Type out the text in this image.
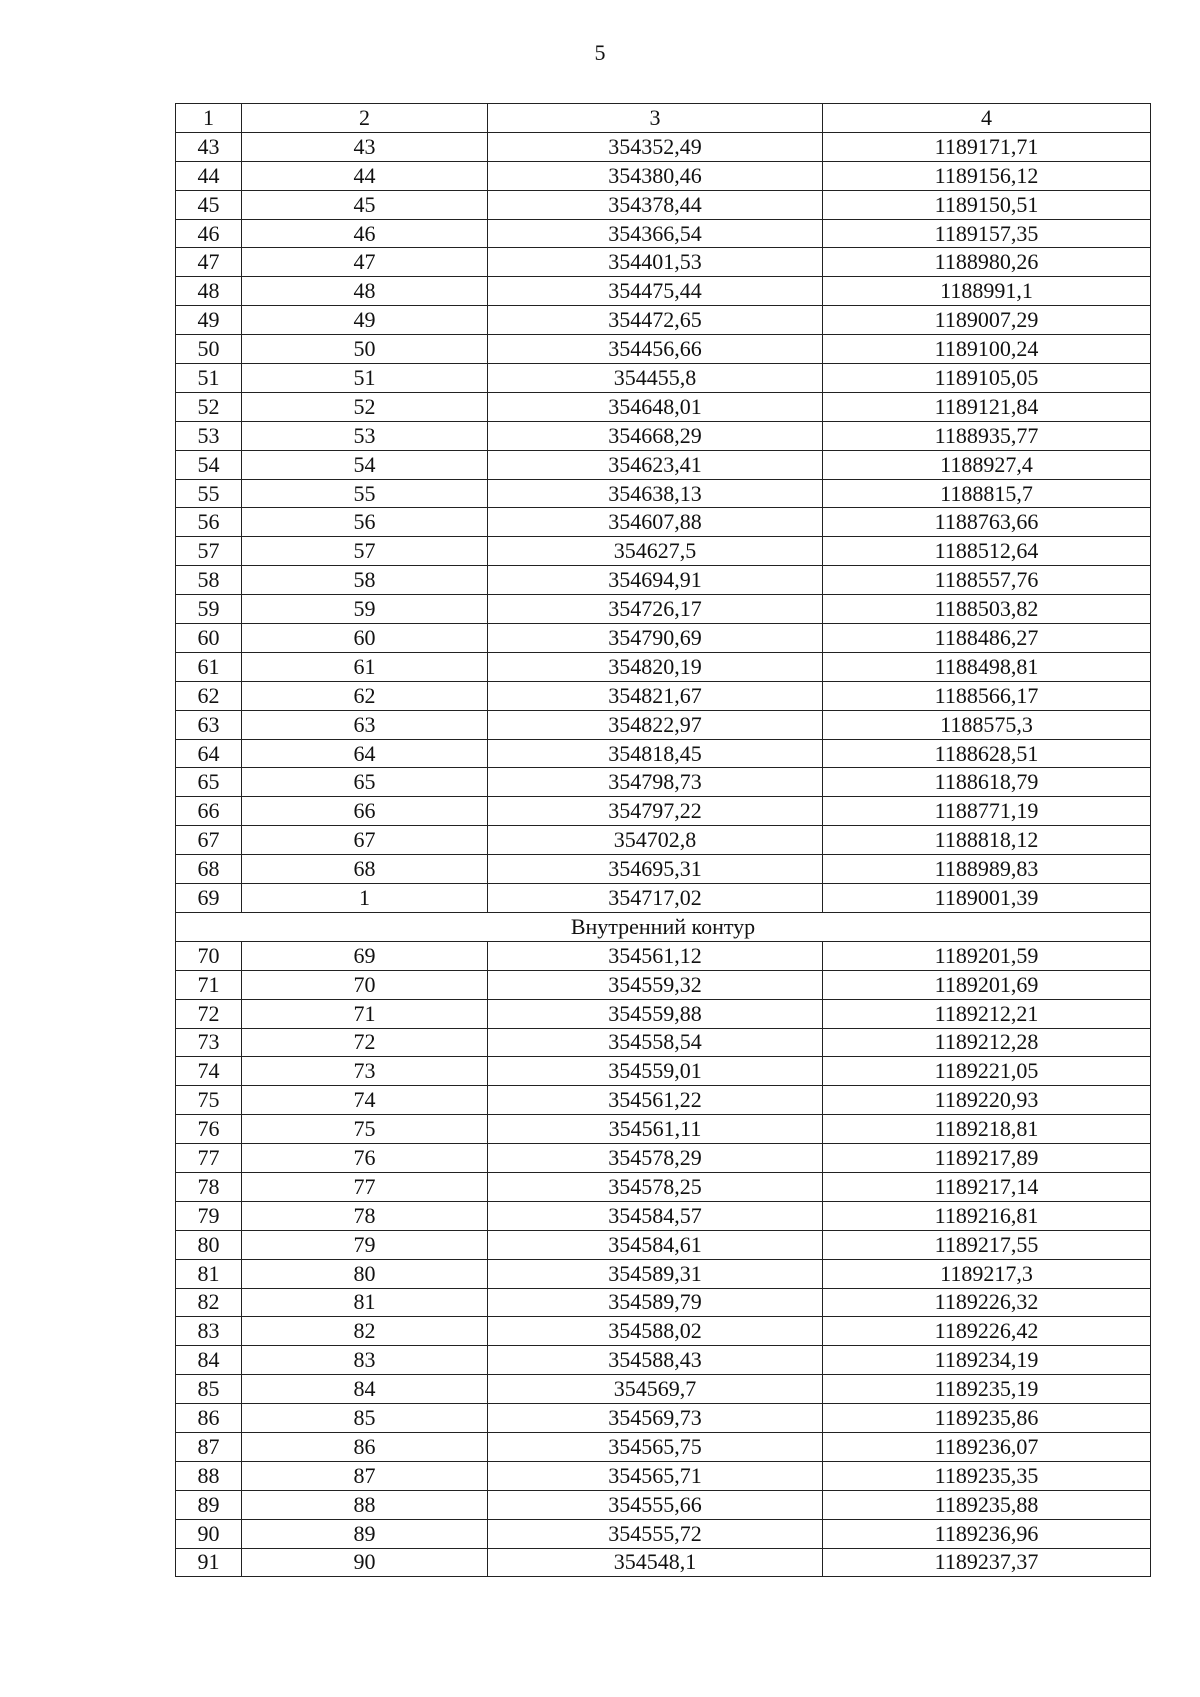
5
1	2	3	4
43	43	354352,49	1189171,71
44	44	354380,46	1189156,12
45	45	354378,44	1189150,51
46	46	354366,54	1189157,35
47	47	354401,53	1188980,26
48	48	354475,44	1188991,1
49	49	354472,65	1189007,29
50	50	354456,66	1189100,24
51	51	354455,8	1189105,05
52	52	354648,01	1189121,84
53	53	354668,29	1188935,77
54	54	354623,41	1188927,4
55	55	354638,13	1188815,7
56	56	354607,88	1188763,66
57	57	354627,5	1188512,64
58	58	354694,91	1188557,76
59	59	354726,17	1188503,82
60	60	354790,69	1188486,27
61	61	354820,19	1188498,81
62	62	354821,67	1188566,17
63	63	354822,97	1188575,3
64	64	354818,45	1188628,51
65	65	354798,73	1188618,79
66	66	354797,22	1188771,19
67	67	354702,8	1188818,12
68	68	354695,31	1188989,83
69	1	354717,02	1189001,39
Внутренний контур			
70	69	354561,12	1189201,59
71	70	354559,32	1189201,69
72	71	354559,88	1189212,21
73	72	354558,54	1189212,28
74	73	354559,01	1189221,05
75	74	354561,22	1189220,93
76	75	354561,11	1189218,81
77	76	354578,29	1189217,89
78	77	354578,25	1189217,14
79	78	354584,57	1189216,81
80	79	354584,61	1189217,55
81	80	354589,31	1189217,3
82	81	354589,79	1189226,32
83	82	354588,02	1189226,42
84	83	354588,43	1189234,19
85	84	354569,7	1189235,19
86	85	354569,73	1189235,86
87	86	354565,75	1189236,07
88	87	354565,71	1189235,35
89	88	354555,66	1189235,88
90	89	354555,72	1189236,96
91	90	354548,1	1189237,37
